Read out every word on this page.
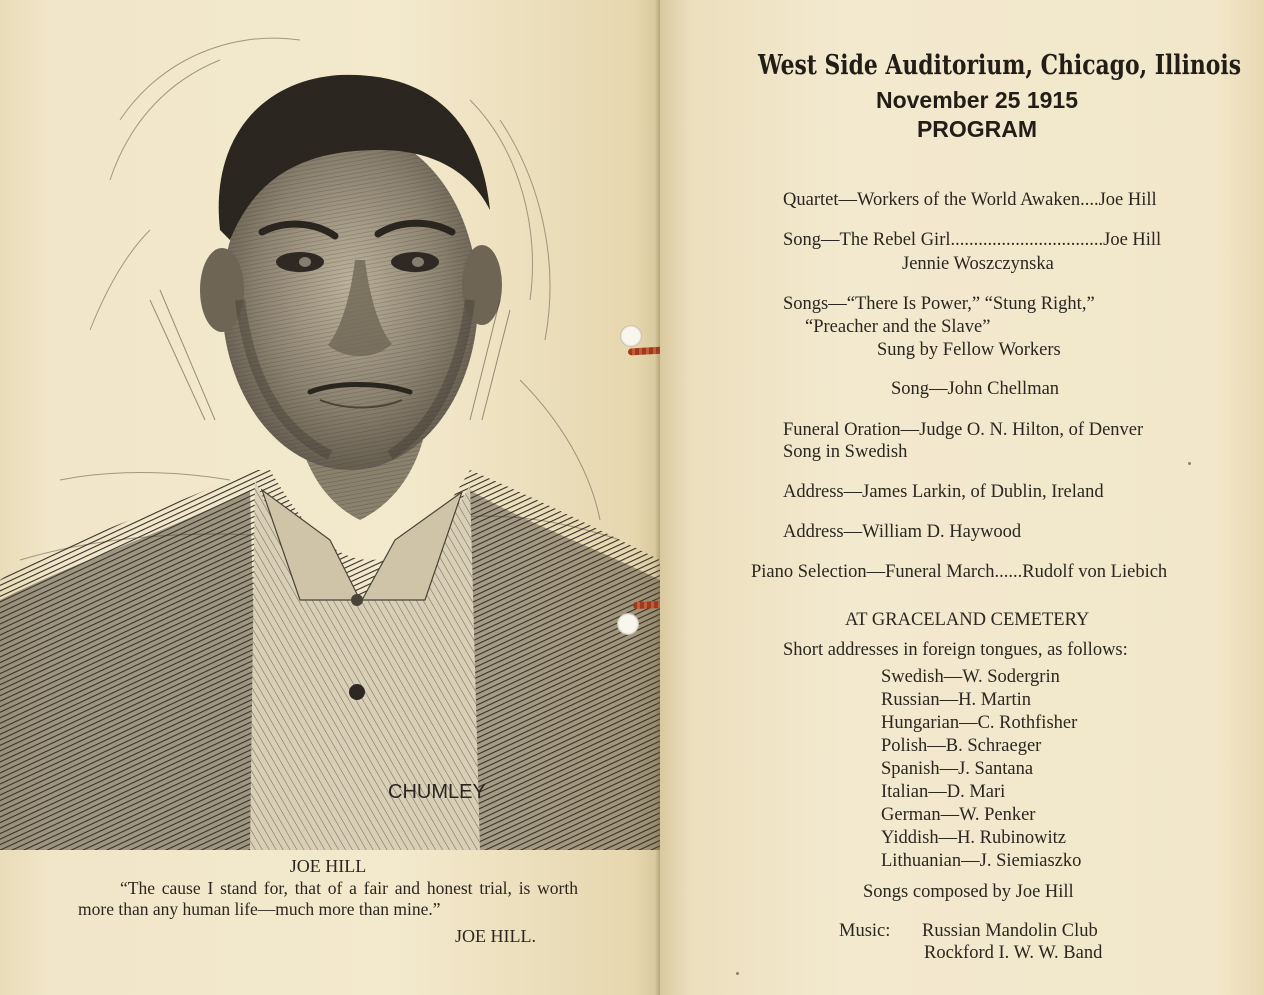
CHUMLEY

JOE HILL

“The cause I stand for, that of a fair and honest trial, is worth more than any human life—much more than mine.”

JOE HILL.

West Side Auditorium, Chicago, Illinois
November 25 1915
PROGRAM
Quartet—Workers of the World Awaken....Joe Hill
Song—The Rebel Girl.................................Joe Hill
Jennie Woszczynska
Songs—“There Is Power,” “Stung Right,”
“Preacher and the Slave”
Sung by Fellow Workers
Song—John Chellman
Funeral Oration—Judge O. N. Hilton, of Denver
Song in Swedish
Address—James Larkin, of Dublin, Ireland
Address—William D. Haywood
Piano Selection—Funeral March......Rudolf von Liebich
AT GRACELAND CEMETERY
Short addresses in foreign tongues, as follows:
Swedish—W. Sodergrin
Russian—H. Martin
Hungarian—C. Rothfisher
Polish—B. Schraeger
Spanish—J. Santana
Italian—D. Mari
German—W. Penker
Yiddish—H. Rubinowitz
Lithuanian—J. Siemiaszko
Songs composed by Joe Hill
Music: Russian Mandolin Club
Rockford I. W. W. Band
